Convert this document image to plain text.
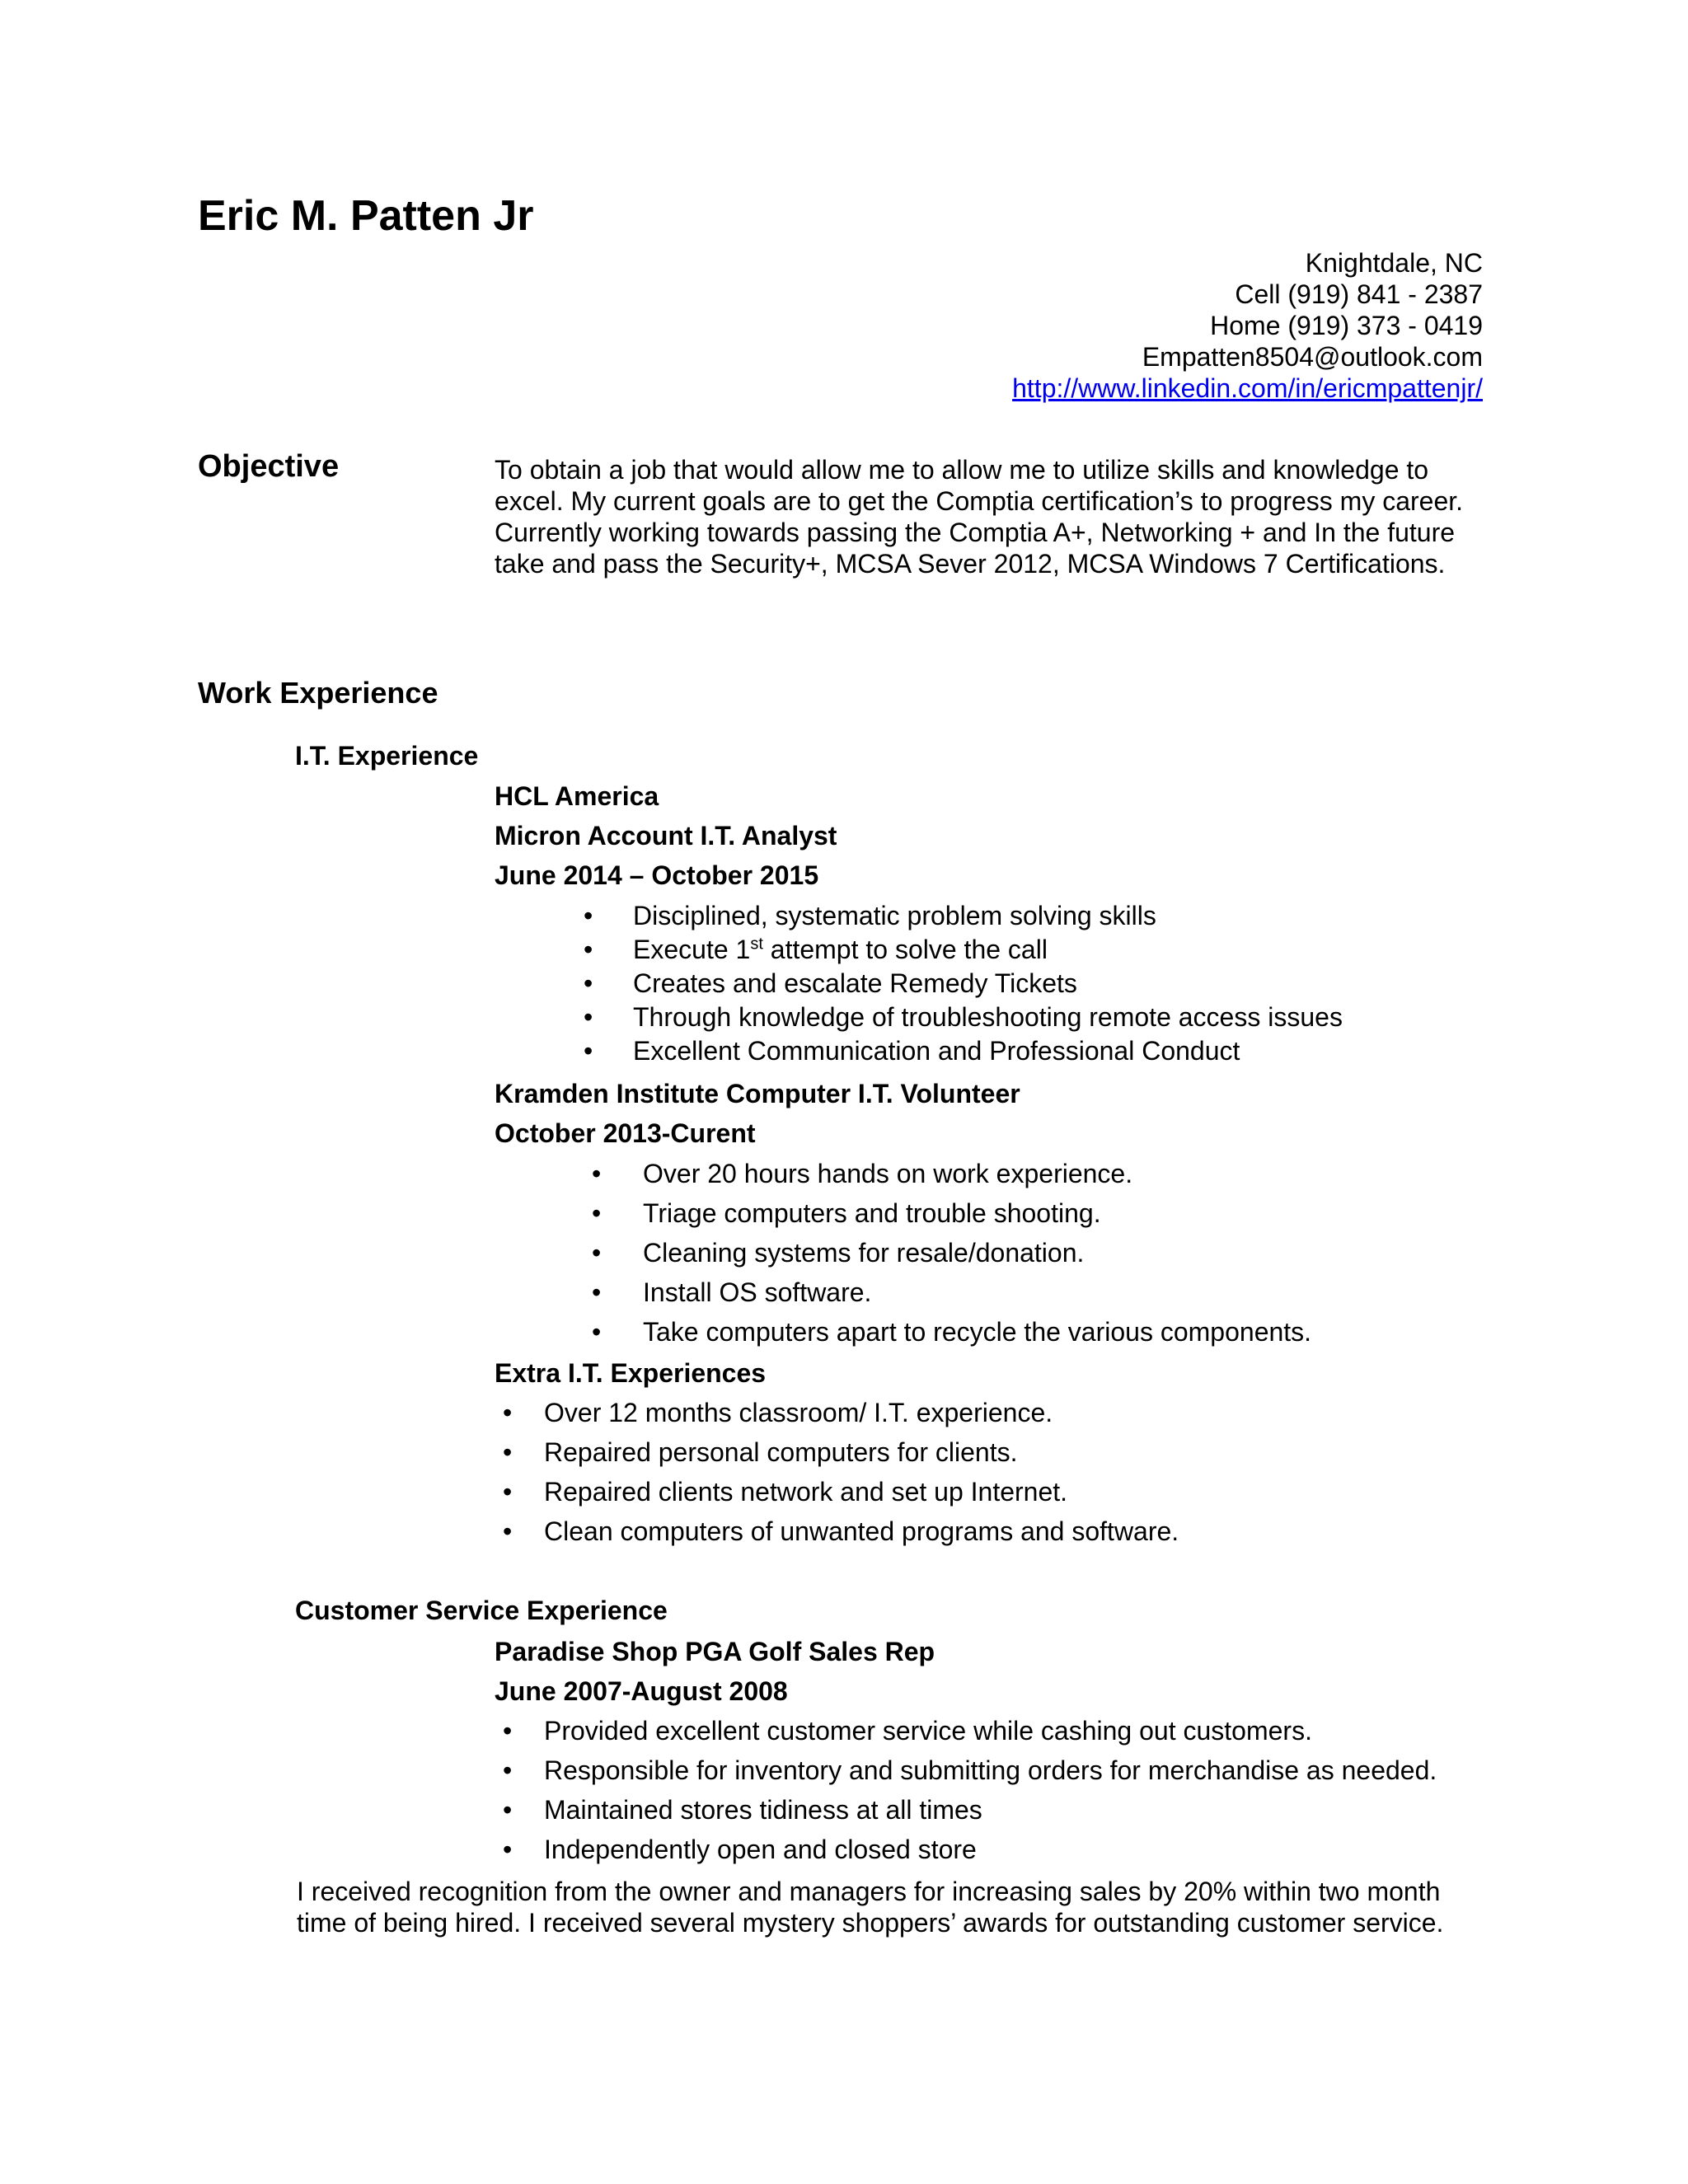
Eric M. Patten Jr
Knightdale, NC
Cell (919) 841 - 2387
Home (919) 373 - 0419
Empatten8504@outlook.com
http://www.linkedin.com/in/ericmpattenjr/
Objective	To obtain a job that would allow me to allow me to utilize skills and knowledge to excel. My current goals are to get the Comptia certification’s to progress my career. Currently working towards passing the Comptia A+, Networking + and In the future take and pass the Security+, MCSA Sever 2012, MCSA Windows 7 Certifications.
Work Experience
I.T. Experience
HCL America
Micron Account I.T. Analyst
June 2014 – October 2015
• Disciplined, systematic problem solving skills
• Execute 1st attempt to solve the call
• Creates and escalate Remedy Tickets
• Through knowledge of troubleshooting remote access issues
• Excellent Communication and Professional Conduct
Kramden Institute Computer I.T. Volunteer
October 2013-Curent
• Over 20 hours hands on work experience.
• Triage computers and trouble shooting.
• Cleaning systems for resale/donation.
• Install OS software.
• Take computers apart to recycle the various components.
Extra I.T. Experiences
• Over 12 months classroom/ I.T. experience.
• Repaired personal computers for clients.
• Repaired clients network and set up Internet.
• Clean computers of unwanted programs and software.
Customer Service Experience
Paradise Shop PGA Golf Sales Rep
June 2007-August 2008
• Provided excellent customer service while cashing out customers.
• Responsible for inventory and submitting orders for merchandise as needed.
• Maintained stores tidiness at all times
• Independently open and closed store
I received recognition from the owner and managers for increasing sales by 20% within two month time of being hired. I received several mystery shoppers’ awards for outstanding customer service.
